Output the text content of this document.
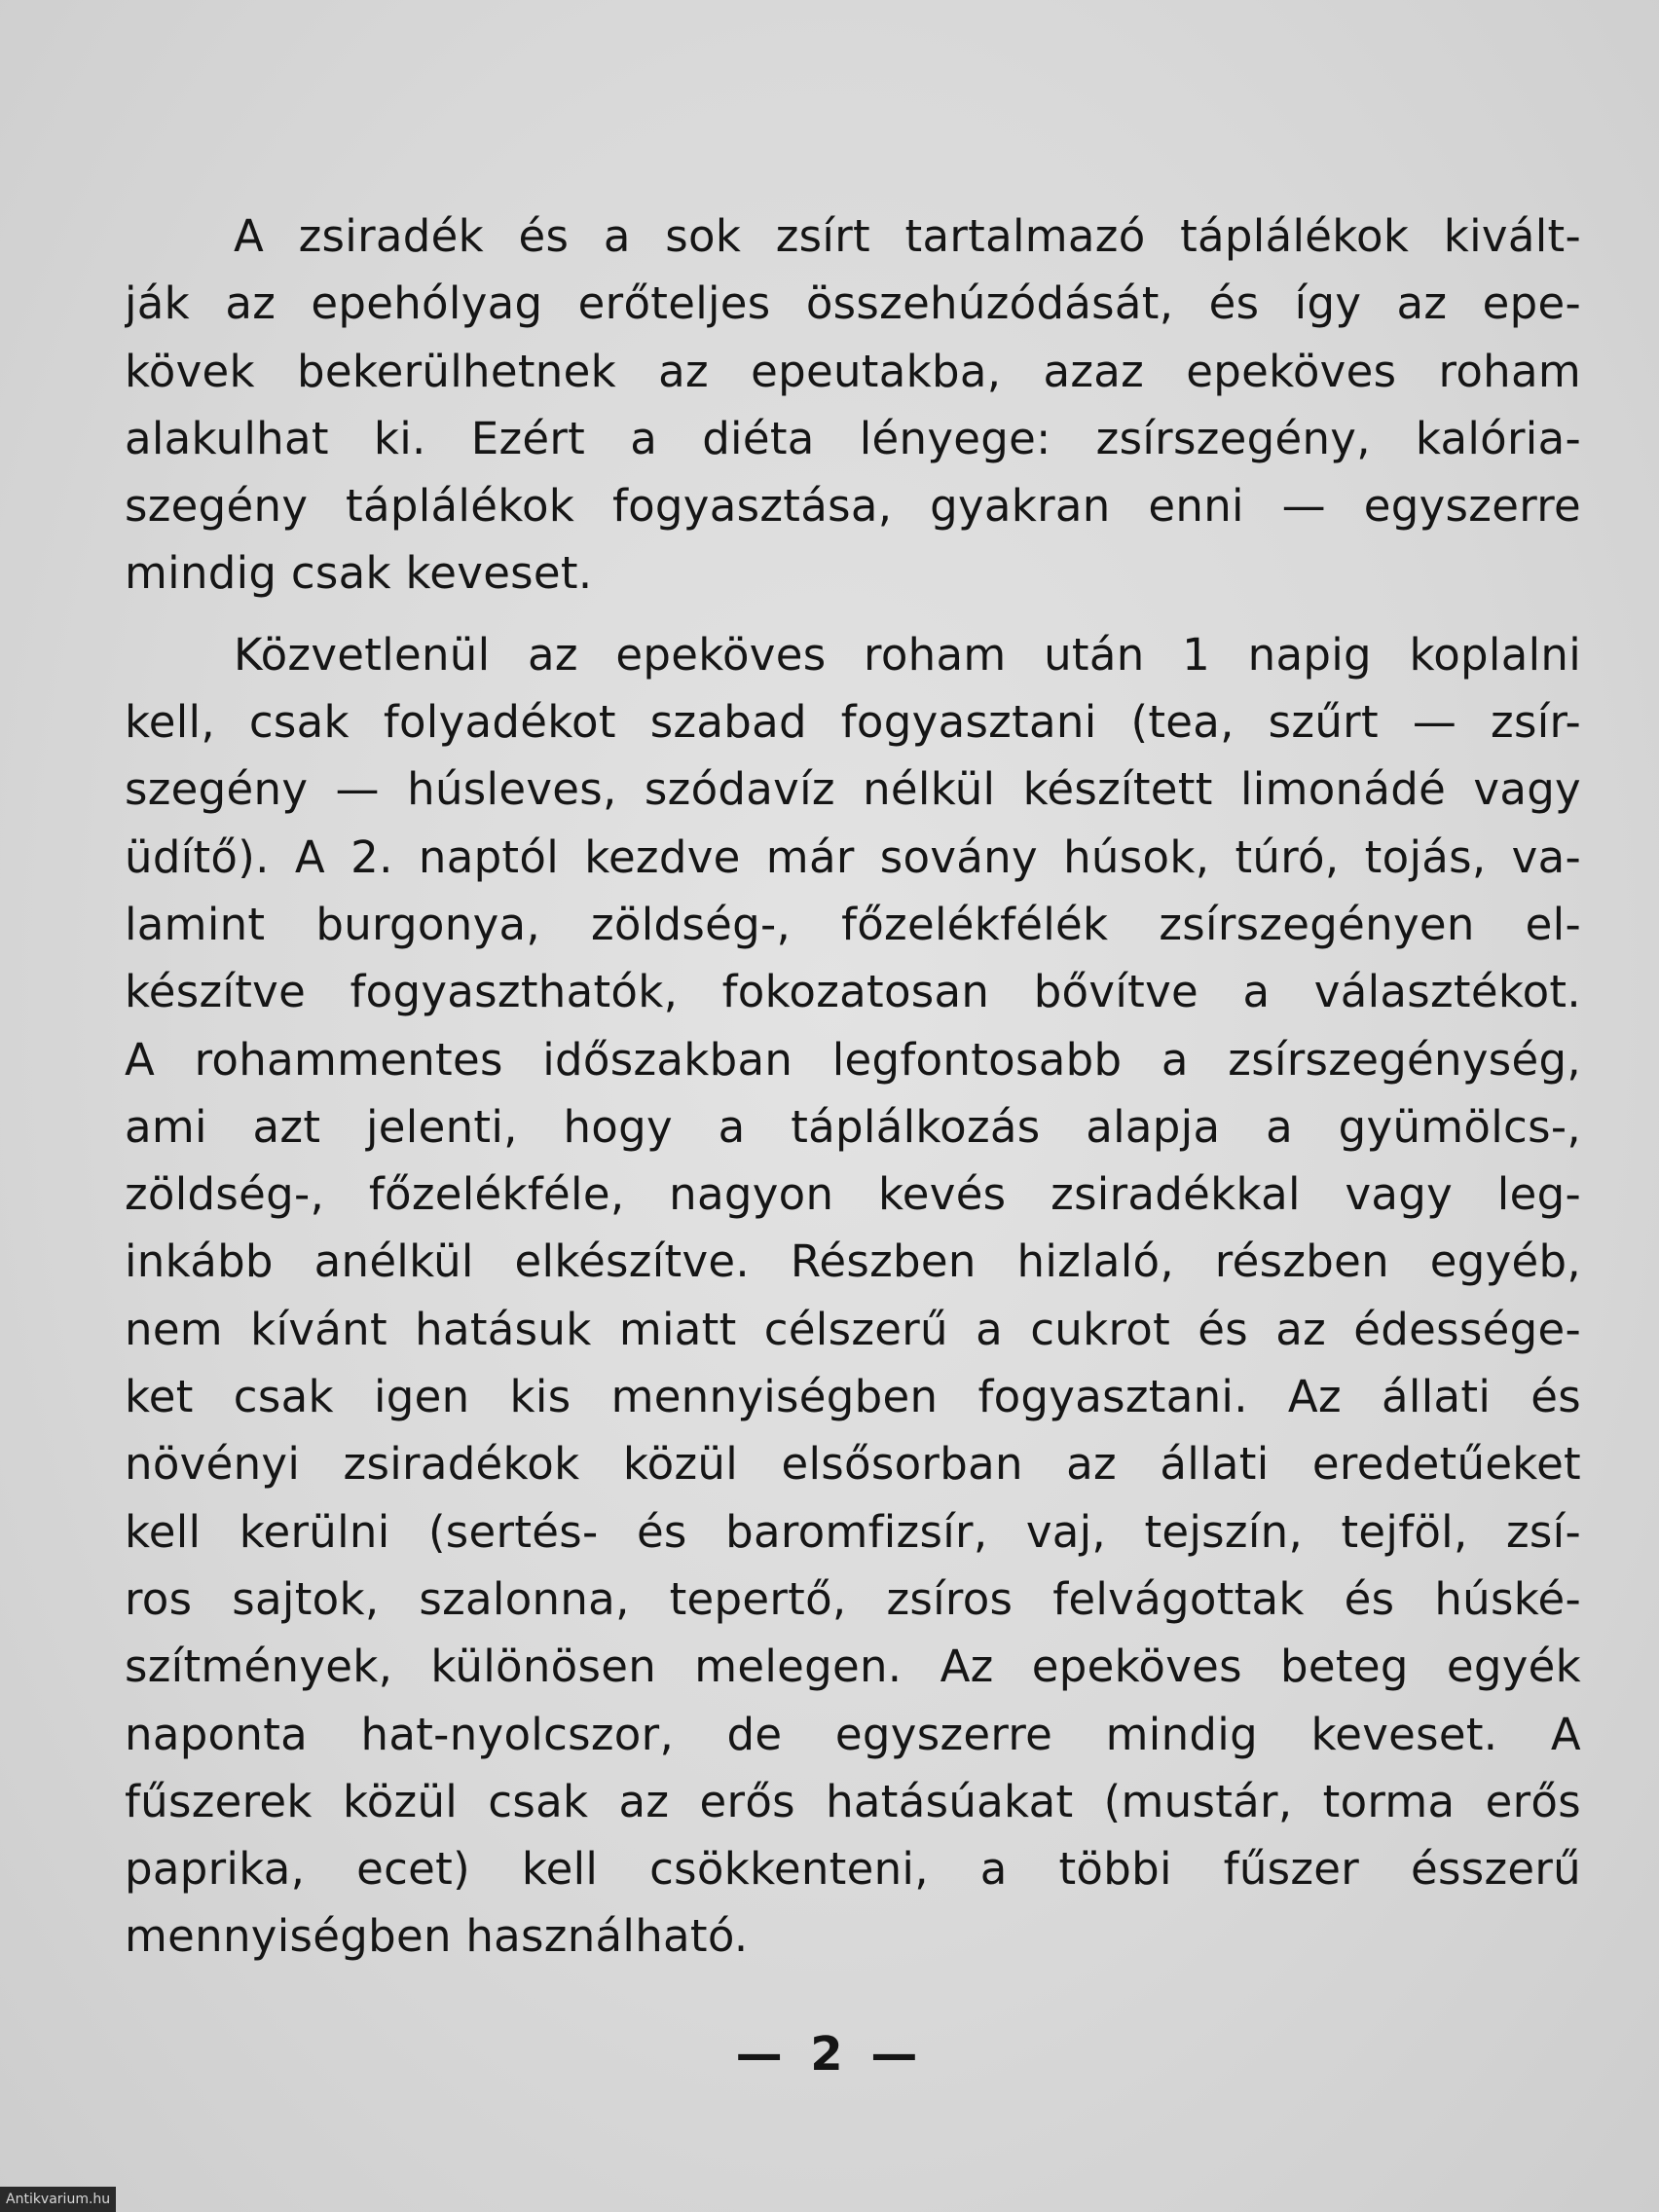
A zsiradék és a sok zsírt tartalmazó táplálékok kivált-
ják az epehólyag erőteljes összehúzódását, és így az epe-
kövek bekerülhetnek az epeutakba, azaz epeköves roham
alakulhat ki. Ezért a diéta lényege: zsírszegény, kalória-
szegény táplálékok fogyasztása, gyakran enni — egyszerre
mindig csak keveset.
Közvetlenül az epeköves roham után 1 napig koplalni
kell, csak folyadékot szabad fogyasztani (tea, szűrt — zsír-
szegény — húsleves, szódavíz nélkül készített limonádé vagy
üdítő). A 2. naptól kezdve már sovány húsok, túró, tojás, va-
lamint burgonya, zöldség-, főzelékfélék zsírszegényen el-
készítve fogyaszthatók, fokozatosan bővítve a választékot.
A rohammentes időszakban legfontosabb a zsírszegénység,
ami azt jelenti, hogy a táplálkozás alapja a gyümölcs-,
zöldség-, főzelékféle, nagyon kevés zsiradékkal vagy leg-
inkább anélkül elkészítve. Részben hizlaló, részben egyéb,
nem kívánt hatásuk miatt célszerű a cukrot és az édessége-
ket csak igen kis mennyiségben fogyasztani. Az állati és
növényi zsiradékok közül elsősorban az állati eredetűeket
kell kerülni (sertés- és baromfizsír, vaj, tejszín, tejföl, zsí-
ros sajtok, szalonna, tepertő, zsíros felvágottak és húské-
szítmények, különösen melegen. Az epeköves beteg egyék
naponta hat-nyolcszor, de egyszerre mindig keveset. A
fűszerek közül csak az erős hatásúakat (mustár, torma erős
paprika, ecet) kell csökkenteni, a többi fűszer ésszerű
mennyiségben használható.
— 2 —
Antikvarium.hu
